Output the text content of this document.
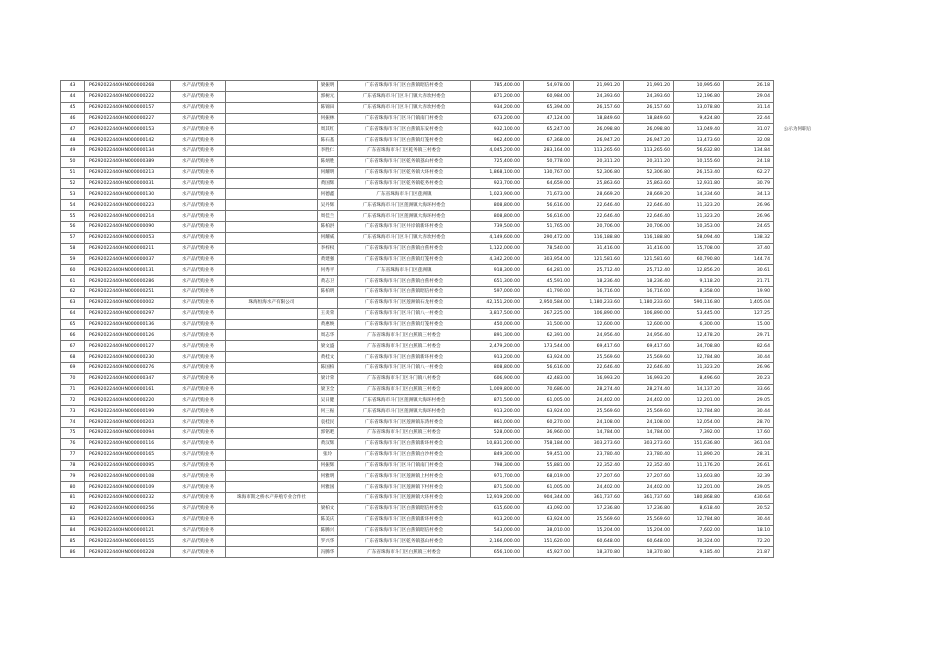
43	P6292022440HN000000268	水产品代购业务		梁振明	广东省珠海市斗门区白蕉镇昭信村委会	785,400.00	54,978.00	21,991.20	21,991.20	10,995.60	26.18	
44	P6292022440HN000000222	水产品代购业务		郭树元	广东省珠海市斗门区斗门镇大赤坎村委会	871,200.00	60,984.00	24,393.60	24,393.60	12,196.80	29.04	
45	P6292022440HN000000157	水产品代购业务		陈锦田	广东省珠海市斗门区斗门镇大赤坎村委会	934,200.00	65,394.00	26,157.60	26,157.60	13,078.80	31.14	
46	P6292022440HN000000227	水产品代购业务		何振林	广东省珠海市斗门区斗门镇南门村委会	673,200.00	47,124.00	18,849.60	18,849.60	9,424.80	22.44	
47	P6292022440HN000000153	水产品代购业务		周其红	广东省珠海市斗门区白蕉镇东安村委会	932,100.00	65,247.00	26,098.80	26,098.80	13,049.40	31.07	公示为何职后
48	P6292022440HN000000142	水产品代购业务		陈石基	广东省珠海市斗门区白蕉镇灯笼村委会	962,400.00	67,368.00	26,947.20	26,947.20	13,473.60	32.08	
49	P6292022440HN000000134	水产品代购业务		李胜仁	广东省珠海市斗门区乾务镇三村委会	4,045,200.00	283,164.00	113,265.60	113,265.60	56,632.80	134.84	
50	P6292022440HN000000389	水产品代购业务		陈炳胜	广东省珠海市斗门区乾务镇荔山村委会	725,400.00	50,778.00	20,311.20	20,311.20	10,155.60	24.18	
51	P6292022440HN000000213	水产品代购业务		何耀明	广东省珠海市斗门区乾务镇大环村委会	1,868,100.00	130,767.00	52,306.80	52,306.80	26,153.40	62.27	
52	P6292022440HN000000031	水产品代购业务		黄国辉	广东省珠海市斗门区乾务镇乾务村委会	923,700.00	64,659.00	25,863.60	25,863.60	12,931.80	30.79	
53	P6292022440HN000000130	水产品代购业务		何德鑫	广东省珠海市斗门区莲洲镇	1,023,900.00	71,673.00	28,669.20	28,669.20	14,334.60	34.13	
54	P6292022440HN000000223	水产品代购业务		吴丹辉	广东省珠海市斗门区莲洲镇大海环村委会	808,800.00	56,616.00	22,646.40	22,646.40	11,323.20	26.96	
55	P6292022440HN000000214	水产品代购业务		周佳兰	广东省珠海市斗门区莲洲镇大海环村委会	808,800.00	56,616.00	22,646.40	22,646.40	11,323.20	26.96	
56	P6292022440HN000000090	水产品代购业务		陈柏洪	广东省珠海市斗门区井岸镇新环村委会	739,500.00	51,765.00	20,706.00	20,706.00	10,353.00	24.65	
57	P6292022440HN000000053	水产品代购业务		何耀威	广东省珠海市斗门区斗门镇大赤坎村委会	4,149,600.00	290,472.00	116,188.80	116,188.80	58,094.40	138.32	
58	P6292022440HN000000211	水产品代购业务		李梓权	广东省珠海市斗门区白蕉镇白蕉村委会	1,122,000.00	78,540.00	31,416.00	31,416.00	15,708.00	37.40	
59	P6292022440HN000000037	水产品代购业务		黄建强	广东省珠海市斗门区白蕉镇灯笼村委会	4,342,200.00	303,954.00	121,581.60	121,581.60	60,790.80	144.74	
60	P6292022440HN000000131	水产品代购业务		何秀平	广东省珠海市斗门区莲洲镇	918,300.00	64,281.00	25,712.40	25,712.40	12,856.20	30.61	
61	P6292022440HN000000286	水产品代购业务		黄志卫	广东省珠海市斗门区白蕉镇白蕉村委会	651,300.00	45,591.00	18,236.40	18,236.40	9,118.20	21.71	
62	P6292022440HN000000251	水产品代购业务		陈柏明	广东省珠海市斗门区白蕉镇昭信村委会	597,000.00	41,790.00	16,716.00	16,716.00	8,358.00	19.90	
63	P6292022440HN000000002	水产品代购业务	珠海恒海水产有限公司		广东省珠海市斗门区莲洲镇石龙村委会	42,151,200.00	2,950,584.00	1,180,233.60	1,180,233.60	590,116.80	1,405.04	
64	P6292022440HN000000297	水产品代购业务		王炎荣	广东省珠海市斗门区斗门镇八一村委会	3,817,500.00	267,225.00	106,890.00	106,890.00	53,445.00	127.25	
65	P6292022440HN000000136	水产品代购业务		黄惠焕	广东省珠海市斗门区白蕉镇灯笼村委会	450,000.00	31,500.00	12,600.00	12,600.00	6,300.00	15.00	
66	P6292022440HN000000126	水产品代购业务		周志华	广东省珠海市斗门区白蕉镇三村委会	891,300.00	62,391.00	24,956.40	24,956.40	12,478.20	29.71	
67	P6292022440HN000000127	水产品代购业务		梁文盛	广东省珠海市斗门区白蕉镇二村委会	2,479,200.00	173,544.00	69,417.60	69,417.60	34,708.80	82.64	
68	P6292022440HN000000230	水产品代购业务		黄桂文	广东省珠海市斗门区白蕉镇新环村委会	913,200.00	63,924.00	25,569.60	25,569.60	12,784.80	30.44	
69	P6292022440HN000000276	水产品代购业务		陈国柏	广东省珠海市斗门区斗门镇八一村委会	808,800.00	56,616.00	22,646.40	22,646.40	11,323.20	26.96	
70	P6292022440HN000000347	水产品代购业务		梁计荣	广东省珠海市斗门区斗门镇八村委会	606,900.00	42,483.00	16,993.20	16,993.20	8,496.60	20.23	
71	P6292022440HN000000161	水产品代购业务		梁卫全	广东省珠海市斗门区白蕉镇三村委会	1,009,800.00	70,686.00	28,274.40	28,274.40	14,137.20	33.66	
72	P6292022440HN000000220	水产品代购业务		吴日健	广东省珠海市斗门区莲洲镇大海环村委会	871,500.00	61,005.00	24,402.00	24,402.00	12,201.00	29.05	
73	P6292022440HN000000199	水产品代购业务		何三振	广东省珠海市斗门区莲洲镇大海环村委会	913,200.00	63,924.00	25,569.60	25,569.60	12,784.80	30.44	
74	P6292022440HN000000203	水产品代购业务		袁桂民	广东省珠海市斗门区莲洲镇东湾村委会	861,000.00	60,270.00	24,108.00	24,108.00	12,054.00	28.70	
75	P6292022440HN000000094	水产品代购业务		郭铭吧	广东省珠海市斗门区白蕉镇三村委会	528,000.00	36,960.00	14,784.00	14,784.00	7,392.00	17.60	
76	P6292022440HN000000116	水产品代购业务		黄汉辉	广东省珠海市斗门区白蕉镇新环村委会	10,831,200.00	758,184.00	303,273.60	303,273.60	151,636.80	361.04	
77	P6292022440HN000000165	水产品代购业务		张玲	广东省珠海市斗门区白蕉镇白沙村委会	849,300.00	59,451.00	23,780.40	23,780.40	11,890.20	28.31	
78	P6292022440HN000000095	水产品代购业务		何振辉	广东省珠海市斗门区斗门镇南门村委会	798,300.00	55,881.00	22,352.40	22,352.40	11,176.20	26.61	
79	P6292022440HN000000108	水产品代购业务		何雅明	广东省珠海市斗门区莲洲镇上村村委会	971,700.00	68,019.00	27,207.60	27,207.60	13,603.80	32.39	
80	P6292022440HN000000109	水产品代购业务		何雅国	广东省珠海市斗门区莲洲镇下村村委会	871,500.00	61,005.00	24,402.00	24,402.00	12,201.00	29.05	
81	P6292022440HN000000232	水产品代购业务	珠海市斯之桥水产养殖专业合作社		广东省珠海市斗门区莲洲镇大环村委会	12,919,200.00	904,344.00	361,737.60	361,737.60	180,868.80	430.64	
82	P6292022440HN000000256	水产品代购业务		梁柏文	广东省珠海市斗门区白蕉镇昭信村委会	615,600.00	43,092.00	17,236.80	17,236.80	8,618.40	20.52	
83	P6292022440HN000000063	水产品代购业务		陈美庆	广东省珠海市斗门区白蕉镇新环村委会	913,200.00	63,924.00	25,569.60	25,569.60	12,784.80	30.44	
84	P6292022440HN000000121	水产品代购业务		陈腾兴	广东省珠海市斗门区白蕉镇昭信村委会	543,000.00	38,010.00	15,204.00	15,204.00	7,602.00	18.10	
85	P6292022440HN000000155	水产品代购业务		罗兴华	广东省珠海市斗门区乾务镇荔山村委会	2,166,000.00	151,620.00	60,648.00	60,648.00	30,324.00	72.20	
86	P6292022440HN000000228	水产品代购业务		冯腾华	广东省珠海市斗门区白蕉镇三村委会	656,100.00	45,927.00	18,370.80	18,370.80	9,185.40	21.87	
